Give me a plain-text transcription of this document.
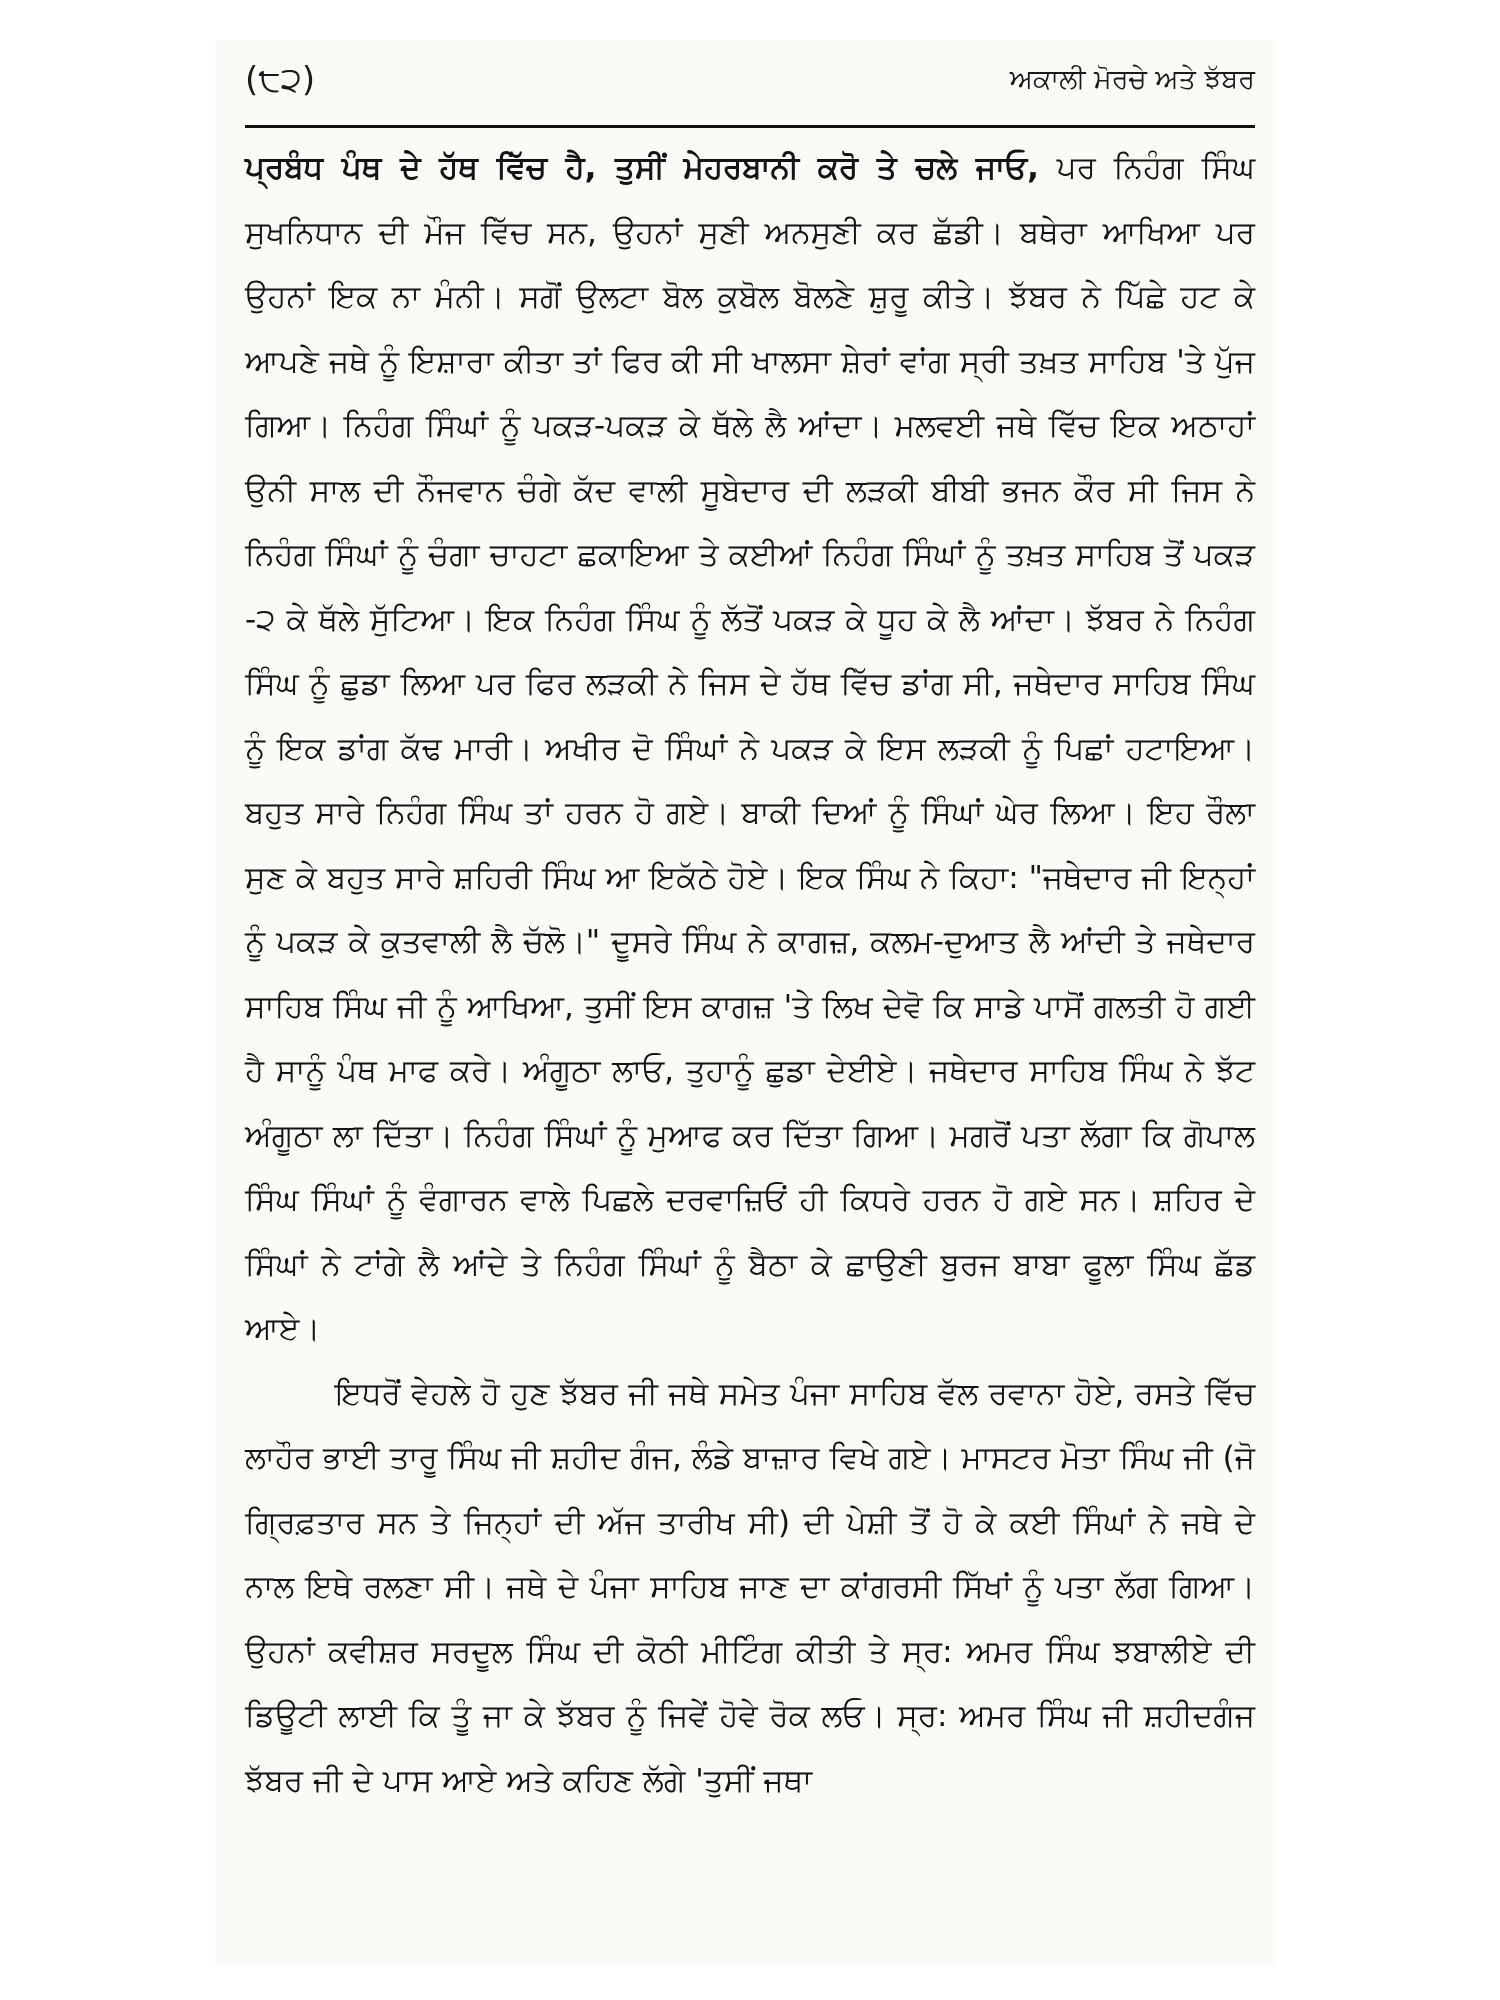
(੮੨)	ਅਕਾਲੀ ਮੋਰਚੇ ਅਤੇ ਝੱਬਰ

ਪ੍ਰਬੰਧ ਪੰਥ ਦੇ ਹੱਥ ਵਿੱਚ ਹੈ, ਤੁਸੀਂ ਮੇਹਰਬਾਨੀ ਕਰੋ ਤੇ ਚਲੇ ਜਾਓ, ਪਰ ਨਿਹੰਗ ਸਿੰਘ ਸੁਖਨਿਧਾਨ ਦੀ ਮੌਜ ਵਿੱਚ ਸਨ, ਉਹਨਾਂ ਸੁਣੀ ਅਨਸੁਣੀ ਕਰ ਛੱਡੀ। ਬਥੇਰਾ ਆਖਿਆ ਪਰ ਉਹਨਾਂ ਇਕ ਨਾ ਮੰਨੀ। ਸਗੋਂ ਉਲਟਾ ਬੋਲ ਕੁਬੋਲ ਬੋਲਣੇ ਸ਼ੁਰੂ ਕੀਤੇ। ਝੱਬਰ ਨੇ ਪਿੱਛੇ ਹਟ ਕੇ ਆਪਣੇ ਜਥੇ ਨੂੰ ਇਸ਼ਾਰਾ ਕੀਤਾ ਤਾਂ ਫਿਰ ਕੀ ਸੀ ਖਾਲਸਾ ਸ਼ੇਰਾਂ ਵਾਂਗ ਸ੍ਰੀ ਤਖ਼ਤ ਸਾਹਿਬ 'ਤੇ ਪੁੱਜ ਗਿਆ। ਨਿਹੰਗ ਸਿੰਘਾਂ ਨੂੰ ਪਕੜ-ਪਕੜ ਕੇ ਥੱਲੇ ਲੈ ਆਂਦਾ। ਮਲਵਈ ਜਥੇ ਵਿੱਚ ਇਕ ਅਠਾਹਾਂ ਉਨੀ ਸਾਲ ਦੀ ਨੌਜਵਾਨ ਚੰਗੇ ਕੱਦ ਵਾਲੀ ਸੂਬੇਦਾਰ ਦੀ ਲੜਕੀ ਬੀਬੀ ਭਜਨ ਕੌਰ ਸੀ ਜਿਸ ਨੇ ਨਿਹੰਗ ਸਿੰਘਾਂ ਨੂੰ ਚੰਗਾ ਚਾਹਟਾ ਛਕਾਇਆ ਤੇ ਕਈਆਂ ਨਿਹੰਗ ਸਿੰਘਾਂ ਨੂੰ ਤਖ਼ਤ ਸਾਹਿਬ ਤੋਂ ਪਕੜ -੨ ਕੇ ਥੱਲੇ ਸੁੱਟਿਆ। ਇਕ ਨਿਹੰਗ ਸਿੰਘ ਨੂੰ ਲੱਤੋਂ ਪਕੜ ਕੇ ਧੂਹ ਕੇ ਲੈ ਆਂਦਾ। ਝੱਬਰ ਨੇ ਨਿਹੰਗ ਸਿੰਘ ਨੂੰ ਛੁਡਾ ਲਿਆ ਪਰ ਫਿਰ ਲੜਕੀ ਨੇ ਜਿਸ ਦੇ ਹੱਥ ਵਿੱਚ ਡਾਂਗ ਸੀ, ਜਥੇਦਾਰ ਸਾਹਿਬ ਸਿੰਘ ਨੂੰ ਇਕ ਡਾਂਗ ਕੱਢ ਮਾਰੀ। ਅਖੀਰ ਦੋ ਸਿੰਘਾਂ ਨੇ ਪਕੜ ਕੇ ਇਸ ਲੜਕੀ ਨੂੰ ਪਿਛਾਂ ਹਟਾਇਆ। ਬਹੁਤ ਸਾਰੇ ਨਿਹੰਗ ਸਿੰਘ ਤਾਂ ਹਰਨ ਹੋ ਗਏ। ਬਾਕੀ ਦਿਆਂ ਨੂੰ ਸਿੰਘਾਂ ਘੇਰ ਲਿਆ। ਇਹ ਰੌਲਾ ਸੁਣ ਕੇ ਬਹੁਤ ਸਾਰੇ ਸ਼ਹਿਰੀ ਸਿੰਘ ਆ ਇਕੱਠੇ ਹੋਏ। ਇਕ ਸਿੰਘ ਨੇ ਕਿਹਾ: "ਜਥੇਦਾਰ ਜੀ ਇਨ੍ਹਾਂ ਨੂੰ ਪਕੜ ਕੇ ਕੁਤਵਾਲੀ ਲੈ ਚੱਲੋ।" ਦੂਸਰੇ ਸਿੰਘ ਨੇ ਕਾਗਜ਼, ਕਲਮ-ਦੁਆਤ ਲੈ ਆਂਦੀ ਤੇ ਜਥੇਦਾਰ ਸਾਹਿਬ ਸਿੰਘ ਜੀ ਨੂੰ ਆਖਿਆ, ਤੁਸੀਂ ਇਸ ਕਾਗਜ਼ 'ਤੇ ਲਿਖ ਦੇਵੋ ਕਿ ਸਾਡੇ ਪਾਸੋਂ ਗਲਤੀ ਹੋ ਗਈ ਹੈ ਸਾਨੂੰ ਪੰਥ ਮਾਫ ਕਰੇ। ਅੰਗੂਠਾ ਲਾਓ, ਤੁਹਾਨੂੰ ਛੁਡਾ ਦੇਈਏ। ਜਥੇਦਾਰ ਸਾਹਿਬ ਸਿੰਘ ਨੇ ਝੱਟ ਅੰਗੂਠਾ ਲਾ ਦਿੱਤਾ। ਨਿਹੰਗ ਸਿੰਘਾਂ ਨੂੰ ਮੁਆਫ ਕਰ ਦਿੱਤਾ ਗਿਆ। ਮਗਰੋਂ ਪਤਾ ਲੱਗਾ ਕਿ ਗੋਪਾਲ ਸਿੰਘ ਸਿੰਘਾਂ ਨੂੰ ਵੰਗਾਰਨ ਵਾਲੇ ਪਿਛਲੇ ਦਰਵਾਜ਼ਿਓਂ ਹੀ ਕਿਧਰੇ ਹਰਨ ਹੋ ਗਏ ਸਨ। ਸ਼ਹਿਰ ਦੇ ਸਿੰਘਾਂ ਨੇ ਟਾਂਗੇ ਲੈ ਆਂਦੇ ਤੇ ਨਿਹੰਗ ਸਿੰਘਾਂ ਨੂੰ ਬੈਠਾ ਕੇ ਛਾਉਣੀ ਬੁਰਜ ਬਾਬਾ ਫੂਲਾ ਸਿੰਘ ਛੱਡ ਆਏ।

ਇਧਰੋਂ ਵੇਹਲੇ ਹੋ ਹੁਣ ਝੱਬਰ ਜੀ ਜਥੇ ਸਮੇਤ ਪੰਜਾ ਸਾਹਿਬ ਵੱਲ ਰਵਾਨਾ ਹੋਏ, ਰਸਤੇ ਵਿੱਚ ਲਾਹੌਰ ਭਾਈ ਤਾਰੂ ਸਿੰਘ ਜੀ ਸ਼ਹੀਦ ਗੰਜ, ਲੰਡੇ ਬਾਜ਼ਾਰ ਵਿਖੇ ਗਏ। ਮਾਸਟਰ ਮੋਤਾ ਸਿੰਘ ਜੀ (ਜੋ ਗ੍ਰਿਫ਼ਤਾਰ ਸਨ ਤੇ ਜਿਨ੍ਹਾਂ ਦੀ ਅੱਜ ਤਾਰੀਖ ਸੀ) ਦੀ ਪੇਸ਼ੀ ਤੋਂ ਹੋ ਕੇ ਕਈ ਸਿੰਘਾਂ ਨੇ ਜਥੇ ਦੇ ਨਾਲ ਇਥੇ ਰਲਣਾ ਸੀ। ਜਥੇ ਦੇ ਪੰਜਾ ਸਾਹਿਬ ਜਾਣ ਦਾ ਕਾਂਗਰਸੀ ਸਿੱਖਾਂ ਨੂੰ ਪਤਾ ਲੱਗ ਗਿਆ। ਉਹਨਾਂ ਕਵੀਸ਼ਰ ਸਰਦੂਲ ਸਿੰਘ ਦੀ ਕੋਠੀ ਮੀਟਿੰਗ ਕੀਤੀ ਤੇ ਸ੍ਰ: ਅਮਰ ਸਿੰਘ ਝਬਾਲੀਏ ਦੀ ਡਿਊਟੀ ਲਾਈ ਕਿ ਤੂੰ ਜਾ ਕੇ ਝੱਬਰ ਨੂੰ ਜਿਵੇਂ ਹੋਵੇ ਰੋਕ ਲਓ। ਸ੍ਰ: ਅਮਰ ਸਿੰਘ ਜੀ ਸ਼ਹੀਦਗੰਜ ਝੱਬਰ ਜੀ ਦੇ ਪਾਸ ਆਏ ਅਤੇ ਕਹਿਣ ਲੱਗੇ 'ਤੁਸੀਂ ਜਥਾ
